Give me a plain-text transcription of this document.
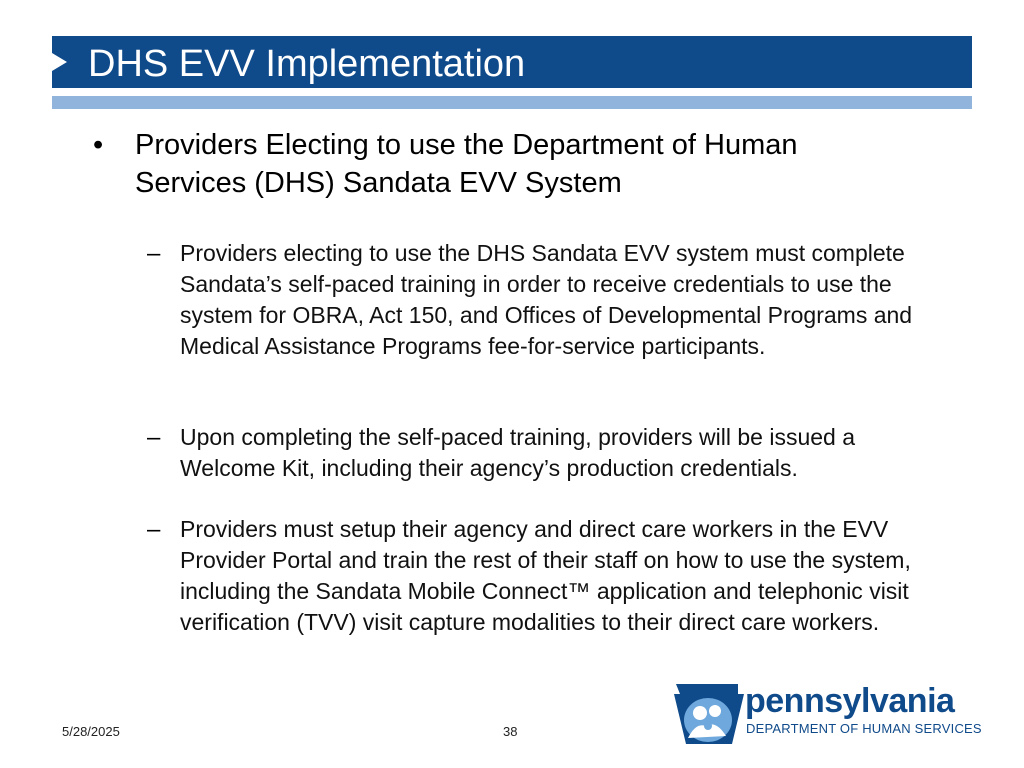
DHS EVV Implementation
• Providers Electing to use the Department of Human Services (DHS) Sandata EVV System
– Providers electing to use the DHS Sandata EVV system must complete Sandata’s self-paced training in order to receive credentials to use the system for OBRA, Act 150, and Offices of Developmental Programs and Medical Assistance Programs fee-for-service participants.
– Upon completing the self-paced training, providers will be issued a Welcome Kit, including their agency’s production credentials.
– Providers must setup their agency and direct care workers in the EVV Provider Portal and train the rest of their staff on how to use the system, including the Sandata Mobile Connect™ application and telephonic visit verification (TVV) visit capture modalities to their direct care workers.
5/28/2025	38
pennsylvania
DEPARTMENT OF HUMAN SERVICES
